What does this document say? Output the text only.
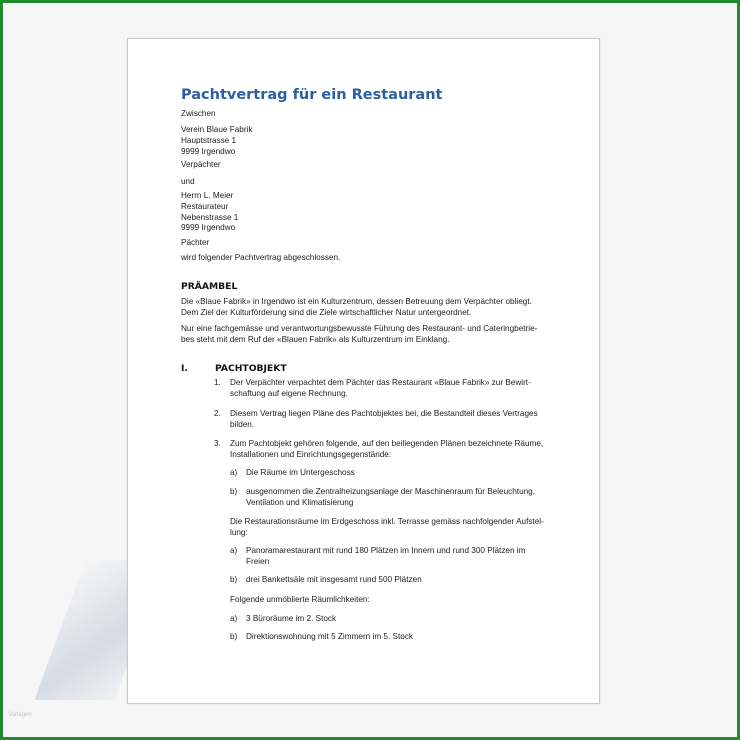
Vorlagen
Pachtvertrag für ein Restaurant
Zwischen
Verein Blaue Fabrik
Hauptstrasse 1
9999 Irgendwo
Verpächter
und
Herrn L. Meier
Restaurateur
Nebenstrasse 1
9999 Irgendwo
Pächter
wird folgender Pachtvertrag abgeschlossen.
PRÄAMBEL
Die «Blaue Fabrik» in Irgendwo ist ein Kulturzentrum, dessen Betreuung dem Verpächter obliegt.
Dem Ziel der Kulturförderung sind die Ziele wirtschaftlicher Natur untergeordnet.
Nur eine fachgemässe und verantwortungsbewusste Führung des Restaurant- und Cateringbetrie-
bes steht mit dem Ruf der «Blauen Fabrik» als Kulturzentrum im Einklang.
I.	PACHTOBJEKT
1. Der Verpächter verpachtet dem Pächter das Restaurant «Blaue Fabrik» zur Bewirt-
schaftung auf eigene Rechnung.
2. Diesem Vertrag liegen Pläne des Pachtobjektes bei, die Bestandteil dieses Vertrages
bilden.
3. Zum Pachtobjekt gehören folgende, auf den beiliegenden Plänen bezeichnete Räume,
Installationen und Einrichtungsgegenstände:
a) Die Räume im Untergeschoss
b) ausgenommen die Zentralheizungsanlage der Maschinenraum für Beleuchtung,
Ventilation und Klimatisierung
Die Restaurationsräume im Erdgeschoss inkl. Terrasse gemäss nachfolgender Aufstel-
lung:
a) Panoramarestaurant mit rund 180 Plätzen im Innern und rund 300 Plätzen im
Freien
b) drei Bankettsäle mit insgesamt rund 500 Plätzen
Folgende unmöblierte Räumlichkeiten:
a) 3 Büroräume im 2. Stock
b) Direktionswohnung mit 5 Zimmern im 5. Stock
